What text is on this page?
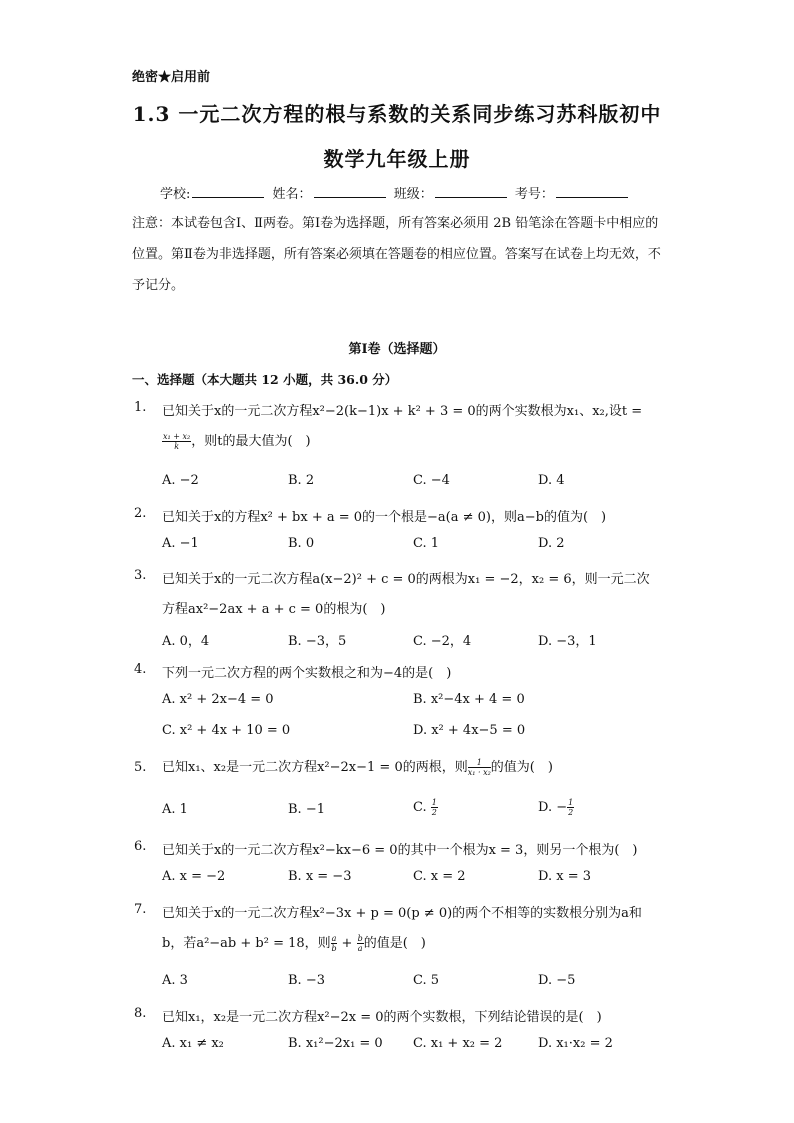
绝密★启用前
1.3 一元二次方程的根与系数的关系同步练习苏科版初中
数学九年级上册
学校:	姓名：	班级：	考号：
注意：本试卷包含Ⅰ、Ⅱ两卷。第Ⅰ卷为选择题，所有答案必须用 2B 铅笔涂在答题卡中相应的位置。第Ⅱ卷为非选择题，所有答案必须填在答题卷的相应位置。答案写在试卷上均无效，不予记分。
第Ⅰ卷（选择题）
一、选择题（本大题共 12 小题，共 36.0 分）
1. 已知关于x的一元二次方程x²−2(k−1)x + k² + 3 = 0的两个实数根为x₁、x₂,设t =
$\frac{\text{x₁ + x₂}}{k}$ ，则t的最大值为(　)
A. −2	B. 2	C. −4	D. 4
2. 已知关于x的方程x² + bx + a = 0的一个根是−a(a ≠ 0)，则a−b的值为(　)
A. −1	B. 0	C. 1	D. 2
3. 已知关于x的一元二次方程a(x−2)² + c = 0的两根为x₁ = −2，x₂ = 6，则一元二次
方程ax²−2ax + a + c = 0的根为(　)
A. 0，4	B. −3，5	C. −2，4	D. −3，1
4. 下列一元二次方程的两个实数根之和为−4的是(　)
A. x² + 2x−4 = 0	B. x²−4x + 4 = 0
C. x² + 4x + 10 = 0	D. x² + 4x−5 = 0
5. 已知x₁、x₂是一元二次方程x²−2x−1 = 0的两根，则 $\frac{1}{\text{x₁ · x₂}}$ 的值为(　)
A. 1	B. −1	C. $\frac{1}{2}$	D. − $\frac{1}{2}$
6. 已知关于x的一元二次方程x²−kx−6 = 0的其中一个根为x = 3，则另一个根为(　)
A. x = −2	B. x = −3	C. x = 2	D. x = 3
7. 已知关于x的一元二次方程x²−3x + p = 0(p ≠ 0)的两个不相等的实数根分别为a和
b，若a²−ab + b² = 18，则 $\frac{a}{b} + \frac{b}{a}$ 的值是(　)
A. 3	B. −3	C. 5	D. −5
8. 已知x₁，x₂是一元二次方程x²−2x = 0的两个实数根，下列结论错误的是(　)
A. x₁ ≠ x₂	B. x₁²−2x₁ = 0 C. x₁ + x₂ = 2	D. x₁·x₂ = 2
